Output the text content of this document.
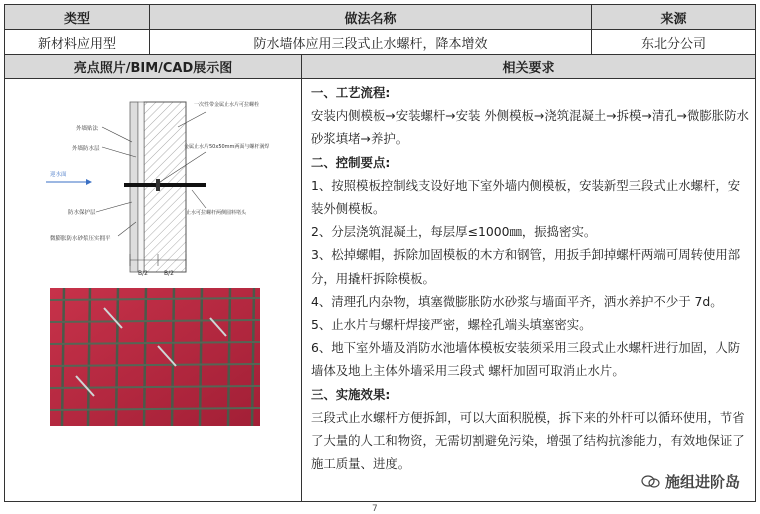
类型	做法名称	来源
新材料应用型	防水墙体应用三段式止水螺杆，降本增效	东北分公司
亮点照片/BIM/CAD展示图	相关要求
外墙贴法
外墙防水层
迎水面
防水保护层
微膨胀防水砂浆压实拥平
一次性带金属止水片可拉螺栓
金属止水片50x50mm两面与螺杆满焊
止水可拉螺杆两侧圆料堵头
B/2	B/2

一、工艺流程:

安装内侧模板→安装螺杆→安装 外侧模板→浇筑混凝土→拆模→清孔→微膨胀防水砂浆填堵→养护。

二、控制要点:

1、按照模板控制线支设好地下室外墙内侧模板，安装新型三段式止水螺杆，安装外侧模板。

2、分层浇筑混凝土，每层厚≤1000㎜，振捣密实。

3、松掉螺帽，拆除加固模板的木方和钢管，用扳手卸掉螺杆两端可周转使用部分，用撬杆拆除模板。

4、清理孔内杂物，填塞微膨胀防水砂浆与墙面平齐，洒水养护不少于 7d。

5、止水片与螺杆焊接严密，螺栓孔端头填塞密实。

6、地下室外墙及消防水池墙体模板安装须采用三段式止水螺杆进行加固，人防墙体及地上主体外墙采用三段式 螺杆加固可取消止水片。

三、实施效果:

三段式止水螺杆方便拆卸，可以大面积脱模，拆下来的外杆可以循环使用，节省了大量的人工和物资，无需切割避免污染，增强了结构抗渗能力，有效地保证了施工质量、进度。

施组进阶岛
7
